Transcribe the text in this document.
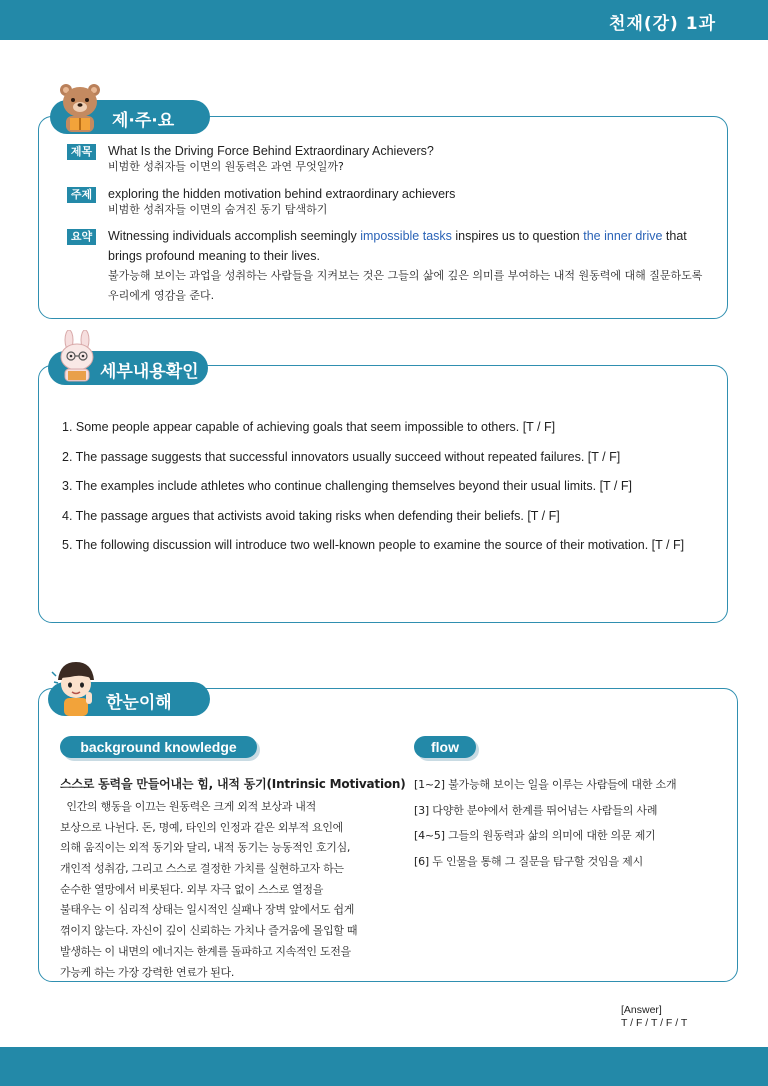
천재(강) 1과
제·주·요
제목	What Is the Driving Force Behind Extraordinary Achievers?
비범한 성취자들 이면의 원동력은 과연 무엇일까?
주제	exploring the hidden motivation behind extraordinary achievers
비범한 성취자들 이면의 숨겨진 동기 탐색하기
요약	Witnessing individuals accomplish seemingly impossible tasks inspires us to question the inner drive that
brings profound meaning to their lives.
불가능해 보이는 과업을 성취하는 사람들을 지켜보는 것은 그들의 삶에 깊은 의미를 부여하는 내적 원동력에 대해 질문하도록
우리에게 영감을 준다.
세부내용확인
1. Some people appear capable of achieving goals that seem impossible to others. [T / F]
2. The passage suggests that successful innovators usually succeed without repeated failures. [T / F]
3. The examples include athletes who continue challenging themselves beyond their usual limits. [T / F]
4. The passage argues that activists avoid taking risks when defending their beliefs. [T / F]
5. The following discussion will introduce two well-known people to examine the source of their motivation. [T / F]
한눈이해
background knowledge	flow
스스로 동력을 만들어내는 힘, 내적 동기(Intrinsic Motivation)
인간의 행동을 이끄는 원동력은 크게 외적 보상과 내적
보상으로 나뉜다. 돈, 명예, 타인의 인정과 같은 외부적 요인에
의해 움직이는 외적 동기와 달리, 내적 동기는 능동적인 호기심,
개인적 성취감, 그리고 스스로 결정한 가치를 실현하고자 하는
순수한 열망에서 비롯된다. 외부 자극 없이 스스로 열정을
불태우는 이 심리적 상태는 일시적인 실패나 장벽 앞에서도 쉽게
꺾이지 않는다. 자신이 깊이 신뢰하는 가치나 즐거움에 몰입할 때
발생하는 이 내면의 에너지는 한계를 돌파하고 지속적인 도전을
가능케 하는 가장 강력한 연료가 된다.
[1~2] 불가능해 보이는 일을 이루는 사람들에 대한 소개
[3] 다양한 분야에서 한계를 뛰어넘는 사람들의 사례
[4~5] 그들의 원동력과 삶의 의미에 대한 의문 제기
[6] 두 인물을 통해 그 질문을 탐구할 것임을 제시
[Answer]
T / F / T / F / T
